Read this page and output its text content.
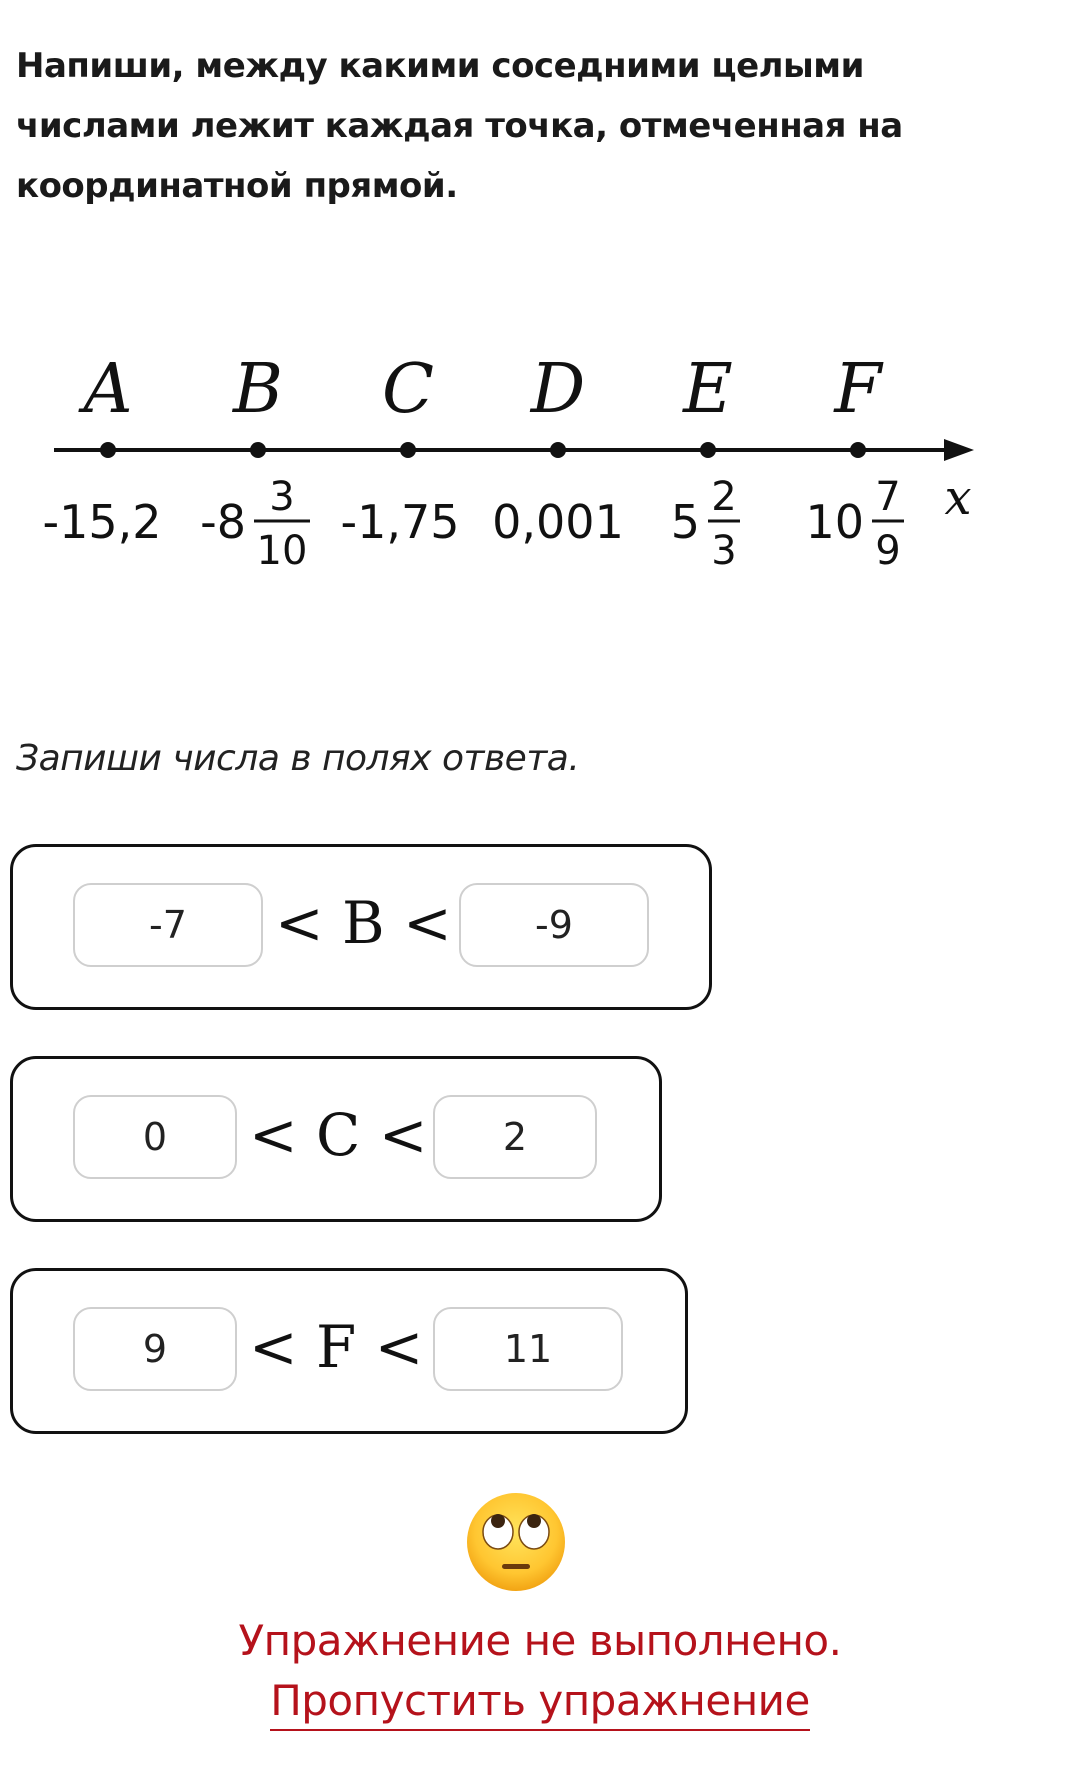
Напиши, между какими соседними целыми числами лежит каждая точка, отмеченная на координатной прямой.
A B C D E F
x
-15,2 -8 3
10
-1,75 0,001 5 2
3
10 7
9
Запиши числа в полях ответа.
-7	< B <	-9
0	< C <	2
9	< F <	11
Упражнение не выполнено.
Пропустить упражнение
